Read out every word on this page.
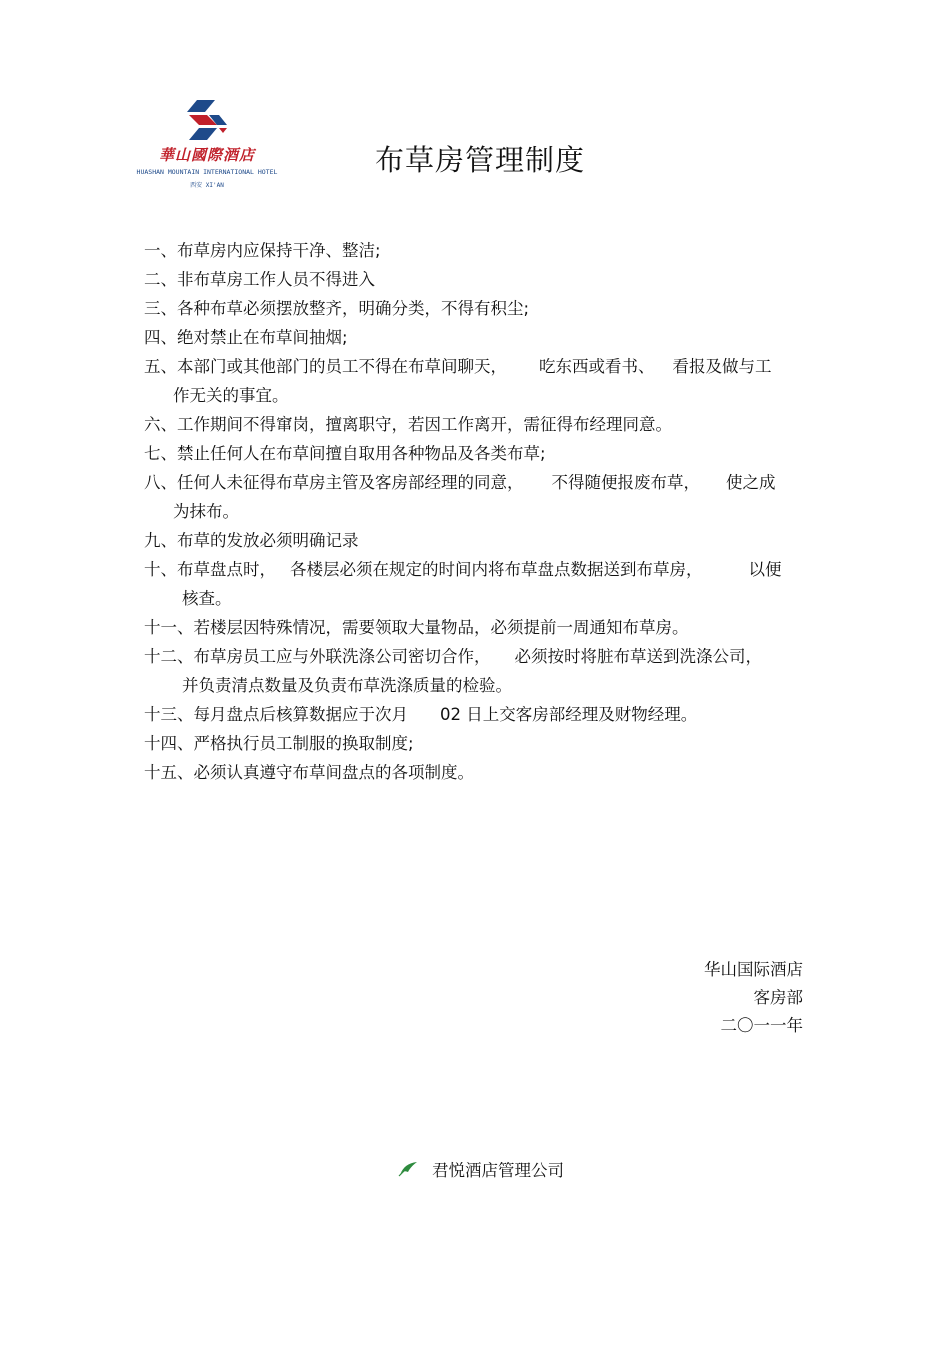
華山國際酒店
HUASHAN MOUNTAIN INTERNATIONAL HOTEL
西安 XI'AN
布草房管理制度
一、布草房内应保持干净、整洁;
二、非布草房工作人员不得进入
三、各种布草必须摆放整齐，明确分类，不得有积尘;
四、绝对禁止在布草间抽烟;
五、本部门或其他部门的员工不得在布草间聊天， 吃东西或看书、 看报及做与工
作无关的事宜。
六、工作期间不得窜岗，擅离职守，若因工作离开，需征得布经理同意。
七、禁止任何人在布草间擅自取用各种物品及各类布草;
八、任何人未征得布草房主管及客房部经理的同意， 不得随便报废布草， 使之成
为抹布。
九、布草的发放必须明确记录
十、布草盘点时， 各楼层必须在规定的时间内将布草盘点数据送到布草房，	以便
核查。
十一、若楼层因特殊情况，需要领取大量物品，必须提前一周通知布草房。
十二、布草房员工应与外联洗涤公司密切合作， 必须按时将脏布草送到洗涤公司，
并负责清点数量及负责布草洗涤质量的检验。
十三、每月盘点后核算数据应于次月 02 日上交客房部经理及财物经理。
十四、严格执行员工制服的换取制度;
十五、必须认真遵守布草间盘点的各项制度。
华山国际酒店
客房部
二〇一一年
君悦酒店管理公司
